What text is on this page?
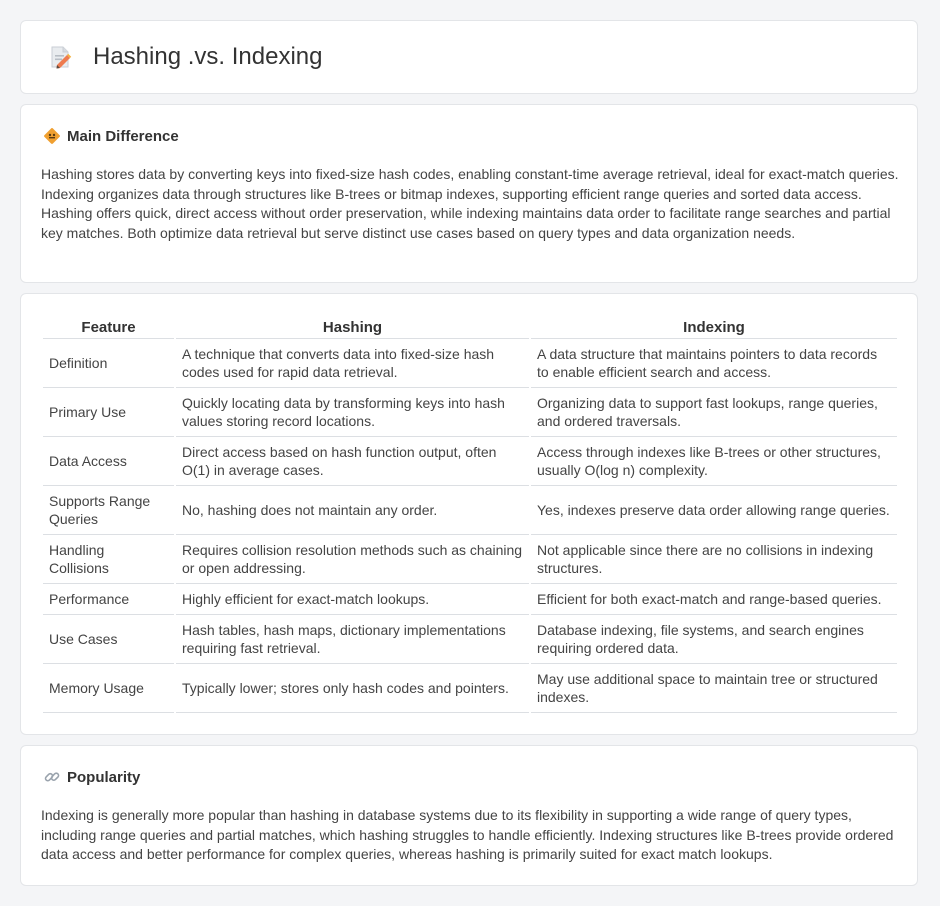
Hashing .vs. Indexing
Main Difference

Hashing stores data by converting keys into fixed-size hash codes, enabling constant-time average retrieval, ideal for exact-match queries. Indexing organizes data through structures like B-trees or bitmap indexes, supporting efficient range queries and sorted data access. Hashing offers quick, direct access without order preservation, while indexing maintains data order to facilitate range searches and partial key matches. Both optimize data retrieval but serve distinct use cases based on query types and data organization needs.

Feature	Hashing	Indexing
Definition	A technique that converts data into fixed-size hash codes used for rapid data retrieval.	A data structure that maintains pointers to data records to enable efficient search and access.
Primary Use	Quickly locating data by transforming keys into hash values storing record locations.	Organizing data to support fast lookups, range queries, and ordered traversals.
Data Access	Direct access based on hash function output, often O(1) in average cases.	Access through indexes like B-trees or other structures, usually O(log n) complexity.
Supports Range Queries	No, hashing does not maintain any order.	Yes, indexes preserve data order allowing range queries.
Handling Collisions	Requires collision resolution methods such as chaining or open addressing.	Not applicable since there are no collisions in indexing structures.
Performance	Highly efficient for exact-match lookups.	Efficient for both exact-match and range-based queries.
Use Cases	Hash tables, hash maps, dictionary implementations requiring fast retrieval.	Database indexing, file systems, and search engines requiring ordered data.
Memory Usage	Typically lower; stores only hash codes and pointers.	May use additional space to maintain tree or structured indexes.
Popularity

Indexing is generally more popular than hashing in database systems due to its flexibility in supporting a wide range of query types, including range queries and partial matches, which hashing struggles to handle efficiently. Indexing structures like B-trees provide ordered data access and better performance for complex queries, whereas hashing is primarily suited for exact match lookups.
